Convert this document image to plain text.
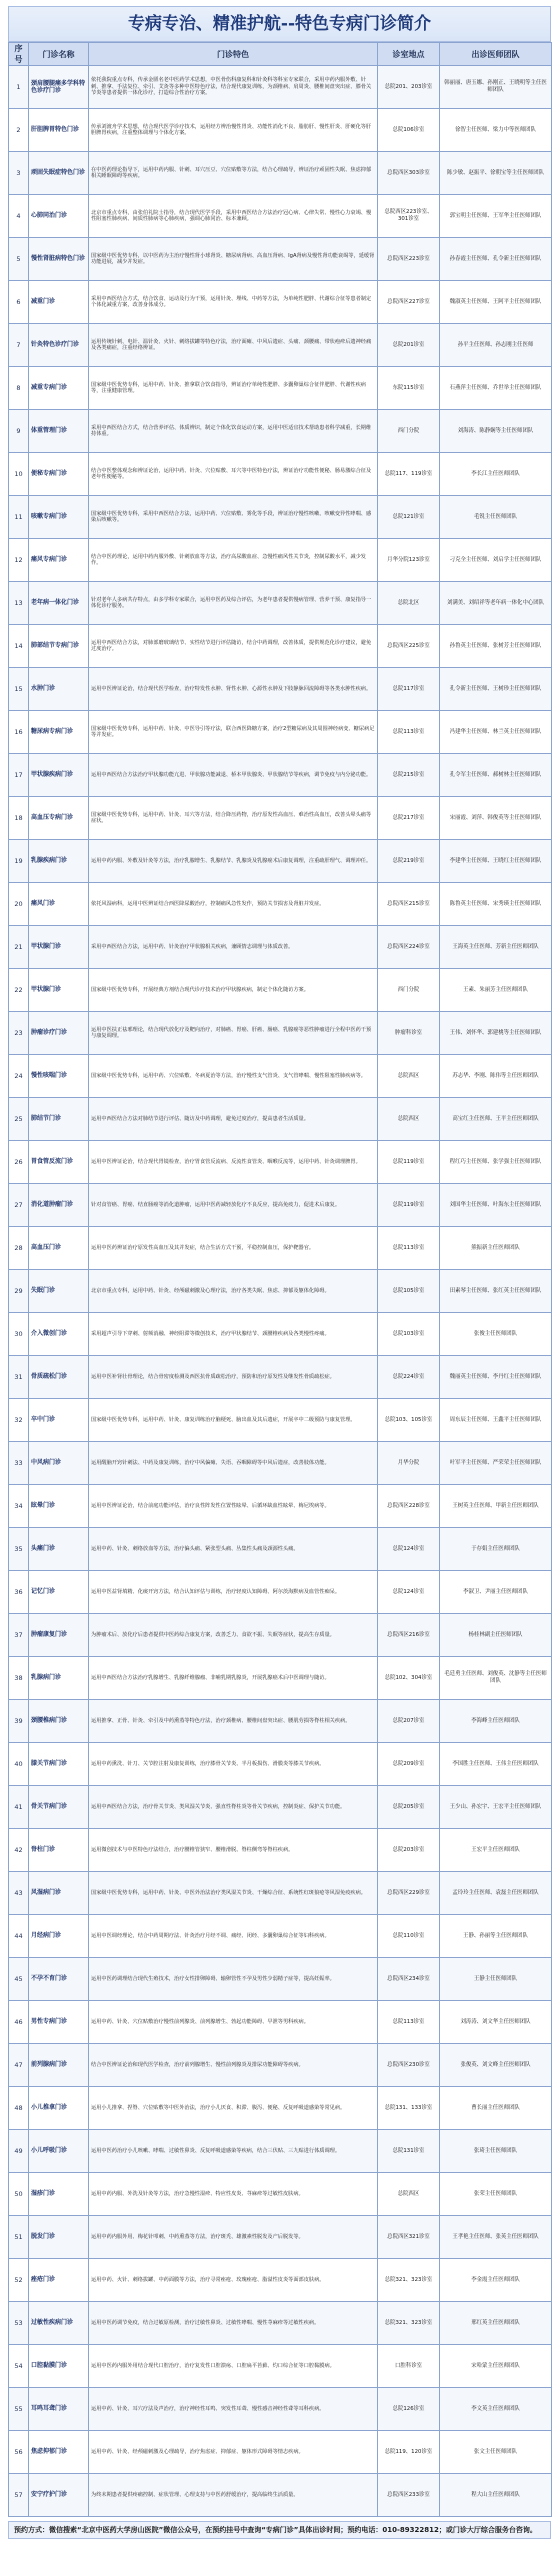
专病专治、精准护航--特色专病门诊简介
序号	门诊名称	门诊特色	诊室地点	出诊医师团队
1	颈肩腰腿痛多学科特色诊疗门诊	依托我院重点专科，传承金匮名老中医药学术思想，中医骨伤科康复科和针灸科等科室专家联合，采用中药内服外敷、针刺、推拿、手法复位、牵引、艾灸等多种中医特色疗法，结合现代康复训练，为颈椎病、肩周炎、腰椎间盘突出症、膝骨关节炎等患者提供一体化诊疗，打造综合性治疗方案。	总院201、203诊室	韩丽丽、唐玉娜、孙刚正、王晓明等主任医师团队
2	肝胆脾胃特色门诊	传承刘渡舟学术思想，结合现代医学诊疗技术，运用经方辨治慢性胃炎、功能性消化不良、脂肪肝、慢性肝炎、肝硬化等肝胆脾胃疾病，注重整体调理与个体化方案。	总院106诊室	徐智主任医师、梁力中等医师团队
3	顽固失眠症特色门诊	在中医药理论指导下，运用中药内服、针刺、耳穴压豆、穴位贴敷等方法，结合心理疏导，辨证治疗顽固性失眠、焦虑抑郁相关睡眠障碍等疾病。	总院西区303诊室	陈少敏、赵振平、徐朝宝等主任医师团队
4	心肺同治门诊	北京市重点专科，由张伯礼院士指导，结合现代医学手段，采用中西医结合方法治疗冠心病、心律失常、慢性心力衰竭、慢性阻塞性肺疾病、间质性肺病等心肺疾病，强调心肺同治、标本兼顾。	总院西区223诊室、301诊室	郭宝明主任医师、王军华主任医师团队
5	慢性肾脏病特色门诊	国家级中医优势专科，以中医药为主治疗慢性肾小球肾炎、糖尿病肾病、高血压肾病、IgA肾病及慢性肾功能衰竭等，延缓肾功能进展，减少并发症。	总院西区223诊室	孙春霞主任医师、孔令新主任医师团队
6	减重门诊	采用中西医结合方式，结合饮食、运动及行为干预，运用针灸、埋线、中药等方法，为单纯性肥胖、代谢综合征等患者制定个体化减重方案，改善身体成分。	总院西区227诊室	魏淑英主任医师、王阿平主任医师团队
7	针灸特色诊疗门诊	运用传统针刺、电针、温针灸、火针、刺络拔罐等特色疗法，治疗面瘫、中风后遗症、头痛、颈腰痛、带状疱疹后遗神经痛及各类痛症，注重经络辨证。	总院201诊室	孙平主任医师、孙志刚主任医师
8	减重专病门诊	国家级中医优势专科，运用中药、针灸、推拿联合饮食指导，辨证治疗单纯性肥胖、多囊卵巢综合征伴肥胖、代谢性疾病等，注重健康管理。	东院115诊室	石燕萍主任医师、乔世举主任医师团队
9	体重管理门诊	采用中西医结合方式，结合营养评估、体质辨识，制定个体化饮食运动方案，运用中医适宜技术帮助患者科学减重，长期维持体重。	西门分院	刘海涛、陈静娴等主任医师团队
10	便秘专病门诊	结合中医整体观念和辨证论治，运用中药、针灸、穴位贴敷、耳穴等中医特色疗法，辨证治疗功能性便秘、肠易激综合征及老年性便秘等。	总院117、119诊室	李长江主任医师团队
11	咳嗽专病门诊	国家级中医优势专科，采用中西医结合方法，运用中药、穴位贴敷、雾化等手段，辨证治疗慢性咳嗽、咳嗽变异性哮喘、感染后咳嗽等。	总院121诊室	毛锐主任医师团队
12	痛风专病门诊	结合中医药理论，运用中药内服外敷、针刺放血等方法，治疗高尿酸血症、急慢性痛风性关节炎，控制尿酸水平，减少发作。	月华分院123诊室	刁克全主任医师、刘启学主任医师团队
13	老年病一体化门诊	针对老年人多病共存特点，由多学科专家联合，运用中医药及综合评估，为老年患者提供慢病管理、营养干预、康复指导一体化诊疗服务。	总院北区	刘满美、刘绍祥等老年病一体化中心团队
14	肺部结节专病门诊	运用中西医结合方法，对肺部磨玻璃结节、实性结节进行评估随访，结合中药调理，改善体质，提供规范化诊疗建议，避免过度治疗。	总院西区225诊室	孙鲁英主任医师、张树芳主任医师团队
15	水肿门诊	运用中医辨证论治，结合现代医学检查，治疗特发性水肿、肾性水肿、心源性水肿及下肢静脉回流障碍等各类水肿性疾病。	总院117诊室	孔令新主任医师、王树珍主任医师团队
16	糖尿病专病门诊	国家级中医优势专科，运用中药、针灸、中医导引等疗法，联合西医降糖方案，治疗2型糖尿病及其周围神经病变、糖尿病足等并发症。	总院113诊室	冯建华主任医师、林兰英主任医师团队
17	甲状腺疾病门诊	运用中西医结合方法治疗甲状腺功能亢进、甲状腺功能减退、桥本甲状腺炎、甲状腺结节等疾病，调节免疫与内分泌功能。	总院215诊室	孔令军主任医师、郝树林主任医师团队
18	高血压专病门诊	国家级中医优势专科，运用中药、针灸、耳穴等方法，结合降压药物，治疗原发性高血压、难治性高血压，改善头晕头痛等症状。	总院217诊室	宋丽霞、刘萍、韩俊英等主任医师团队
19	乳腺疾病门诊	运用中药内服、外敷及针灸等方法，治疗乳腺增生、乳腺结节、乳腺炎及乳腺癌术后康复调理，注重疏肝理气、调理冲任。	总院219诊室	李建华主任医师、王晓红主任医师团队
20	痛风门诊	依托风湿病科，运用中医辨证结合西医降尿酸治疗，控制痛风急性发作，预防关节损害及肾脏并发症。	总院西区215诊室	陈鲁英主任医师、宋秀瑛主任医师团队
21	甲状腺门诊	采用中西医结合方法，运用中药、针灸治疗甲状腺相关疾病，兼顾情志调理与体质改善。	总院西区224诊室	王海英主任医师、芳新主任医师团队
22	甲状腺门诊	国家级中医优势专科，开展经典方剂结合现代诊疗技术治疗甲状腺疾病，制定个体化随访方案。	西门分院	王素、朱丽芳主任医师团队
23	肿瘤诊疗门诊	运用中医扶正祛邪理论，结合现代放化疗及靶向治疗，对肺癌、胃癌、肝癌、肠癌、乳腺癌等恶性肿瘤进行全程中医药干预与康复调理。	肿瘤科诊室	王伟、刘怀华、郭建桃等主任医师团队
24	慢性咳喘门诊	国家级中医优势专科，运用中药、穴位贴敷、冬病夏治等方法，治疗慢性支气管炎、支气管哮喘、慢性阻塞性肺疾病等。	总院西区	苏志华、李刚、陈伟等主任医师团队
25	肺结节门诊	运用中西医结合方法对肺结节进行评估、随访及中药调理，避免过度治疗，提高患者生活质量。	总院西区	高宝红主任医师、王平主任医师团队
26	胃食管反流门诊	运用中医辨证论治，结合现代胃镜检查，治疗胃食管反流病、反流性食管炎、咽喉反流等，运用中药、针灸调理脾胃。	总院119诊室	程红巧主任医师、张学强主任医师团队
27	消化道肿瘤门诊	针对食管癌、胃癌、结直肠癌等消化道肿瘤，运用中医药减轻放化疗不良反应，提高免疫力，促进术后康复。	总院119诊室	刘国华主任医师、叶海东主任医师团队
28	高血压门诊	运用中医药辨证治疗原发性高血压及其并发症，结合生活方式干预，平稳控制血压，保护靶器官。	总院113诊室	熊振新主任医师团队
29	失眠门诊	北京市重点专科，运用中药、针灸、经颅磁刺激及心理疗法，治疗各类失眠、焦虑、抑郁及躯体化障碍。	总院105诊室	田素琴主任医师、张红英主任医师团队
30	介入微创门诊	采用超声引导下穿刺、射频消融、神经阻滞等微创技术，治疗甲状腺结节、颈腰椎疾病及各类慢性疼痛。	总院103诊室	张俊主任医师团队
31	骨质疏松门诊	运用中医补肾壮骨理论，结合骨密度检测及西医抗骨质疏松治疗，预防和治疗原发性及继发性骨质疏松症。	总院224诊室	魏丽英主任医师、李丹红主任医师团队
32	卒中门诊	国家级中医优势专科，运用中药、针灸、康复训练治疗脑梗死、脑出血及其后遗症，开展卒中二级预防与康复管理。	总院103、105诊室	周东辰主任医师、王鑫平主任医师团队
33	中风病门诊	运用醒脑开窍针刺法、中药及康复训练，治疗中风偏瘫、失语、吞咽障碍等中风后遗症，改善肢体功能。	月华分院	叶军平主任医师、严荣荣主任医师团队
34	眩晕门诊	运用中医辨证论治，结合前庭功能评估，治疗良性阵发性位置性眩晕、后循环缺血性眩晕、梅尼埃病等。	总院西区228诊室	王树英主任医师、甲新主任医师团队
35	头痛门诊	运用中药、针灸、刺络放血等方法，治疗偏头痛、紧张型头痛、丛集性头痛及颈源性头痛。	总院124诊室	于存娟主任医师团队
36	记忆门诊	运用中医益肾填精、化痰开窍方法，结合认知评估与训练，治疗轻度认知障碍、阿尔茨海默病及血管性痴呆。	总院124诊室	李淑卫、尹丽主任医师团队
37	肿瘤康复门诊	为肿瘤术后、放化疗后患者提供中医药综合康复方案，改善乏力、食欲不振、失眠等症状，提高生存质量。	总院西区216诊室	杨桂林副主任医师团队
38	乳腺病门诊	运用中西医结合方法治疗乳腺增生、乳腺纤维腺瘤、非哺乳期乳腺炎，开展乳腺癌术后中医调理与随访。	总院102、304诊室	毛廷勇主任医师、刘俊英、沈静等主任医师团队
39	颈腰椎病门诊	运用推拿、正骨、针灸、牵引及中药熏蒸等特色疗法，治疗颈椎病、腰椎间盘突出症、腰肌劳损等脊柱相关疾病。	总院207诊室	李海峰主任医师团队
40	膝关节病门诊	运用中药熏洗、针刀、关节腔注射及康复训练，治疗膝骨关节炎、半月板损伤、滑膜炎等膝关节疾病。	总院209诊室	李国胜主任医师、王伟主任医师团队
41	骨关节病门诊	运用中西医结合方法，治疗骨关节炎、类风湿关节炎、强直性脊柱炎等骨关节疾病，控制炎症、保护关节功能。	总院205诊室	王少山、孙宏宇、王宏平主任医师团队
42	脊柱门诊	运用微创技术与中医特色疗法结合，治疗腰椎管狭窄、腰椎滑脱、脊柱侧弯等脊柱疾病。	总院203诊室	王宏平主任医师团队
43	风湿病门诊	国家级中医优势专科，运用中药、针灸、中医外治法治疗类风湿关节炎、干燥综合征、系统性红斑狼疮等风湿免疫疾病。	总院西区229诊室	孟玲玲主任医师、袁磊主任医师团队
44	月经病门诊	运用中医调经理论，结合中药周期疗法、针灸治疗月经不调、痛经、闭经、多囊卵巢综合征等妇科疾病。	总院110诊室	王静、孙丽等主任医师团队
45	不孕不育门诊	运用中医药调理结合现代生殖技术，治疗女性排卵障碍、输卵管性不孕及男性少弱精子症等，提高妊娠率。	总院西区234诊室	王静主任医师团队
46	男性专病门诊	运用中药、针灸、穴位贴敷治疗慢性前列腺炎、前列腺增生、勃起功能障碍、早泄等男科疾病。	总院113诊室	刘涛涛、刘文华主任医师团队
47	前列腺病门诊	结合中医辨证论治和现代医学检查，治疗前列腺增生、慢性前列腺炎及排尿功能障碍等疾病。	总院西区230诊室	张俊英、刘文峰主任医师团队
48	小儿推拿门诊	运用小儿推拿、捏脊、穴位贴敷等中医外治法，治疗小儿厌食、积滞、腹泻、便秘、反复呼吸道感染等常见病。	总院131、133诊室	曹长丽主任医师团队
49	小儿呼吸门诊	运用中医药治疗小儿咳嗽、哮喘、过敏性鼻炎、反复呼吸道感染等疾病，结合三伏贴、三九贴进行体质调理。	总院131诊室	张琦主任医师团队
50	湿疹门诊	运用中药内服、外洗及针灸等方法，治疗急慢性湿疹、特应性皮炎、荨麻疹等过敏性皮肤病。	总院西区	张荣主任医师团队
51	脱发门诊	运用中药内服外用、梅花针叩刺、中药熏蒸等方法，治疗斑秃、雄激素性脱发及产后脱发等。	总院西区321诊室	王孝艳主任医师、张英主任医师团队
52	痤疮门诊	运用中药、火针、刺络拔罐、中药面膜等方法，治疗寻常痤疮、玫瑰痤疮、脂溢性皮炎等面部皮肤病。	总院321、323诊室	李金霞主任医师团队
53	过敏性疾病门诊	运用中医药调节免疫，结合过敏原检测，治疗过敏性鼻炎、过敏性哮喘、慢性荨麻疹等过敏性疾病。	总院321、323诊室	邢红英主任医师团队
54	口腔黏膜门诊	运用中医药内服外用结合现代口腔治疗，治疗复发性口腔溃疡、口腔扁平苔藓、灼口综合征等口腔黏膜病。	口腔科诊室	宋哈蒙主任医师团队
55	耳鸣耳聋门诊	运用中药、针灸、耳穴疗法及声治疗，治疗神经性耳鸣、突发性耳聋、慢性感音神经性聋等耳科疾病。	总院126诊室	李文英主任医师团队
56	焦虑抑郁门诊	运用中药、针灸、经颅磁刺激及心理疏导，治疗焦虑症、抑郁症、躯体形式障碍等情志疾病。	总院119、120诊室	张文主任医师团队
57	安宁疗护门诊	为终末期患者提供疼痛控制、症状管理、心理支持与中医药舒缓治疗，提高临终生活质量。	总院西区233诊室	程大山主任医师团队
预约方式：微信搜索“北京中医药大学房山医院”微信公众号，在预约挂号中查询“专病门诊”具体出诊时间；预约电话：010-89322812；或门诊大厅综合服务台咨询。
